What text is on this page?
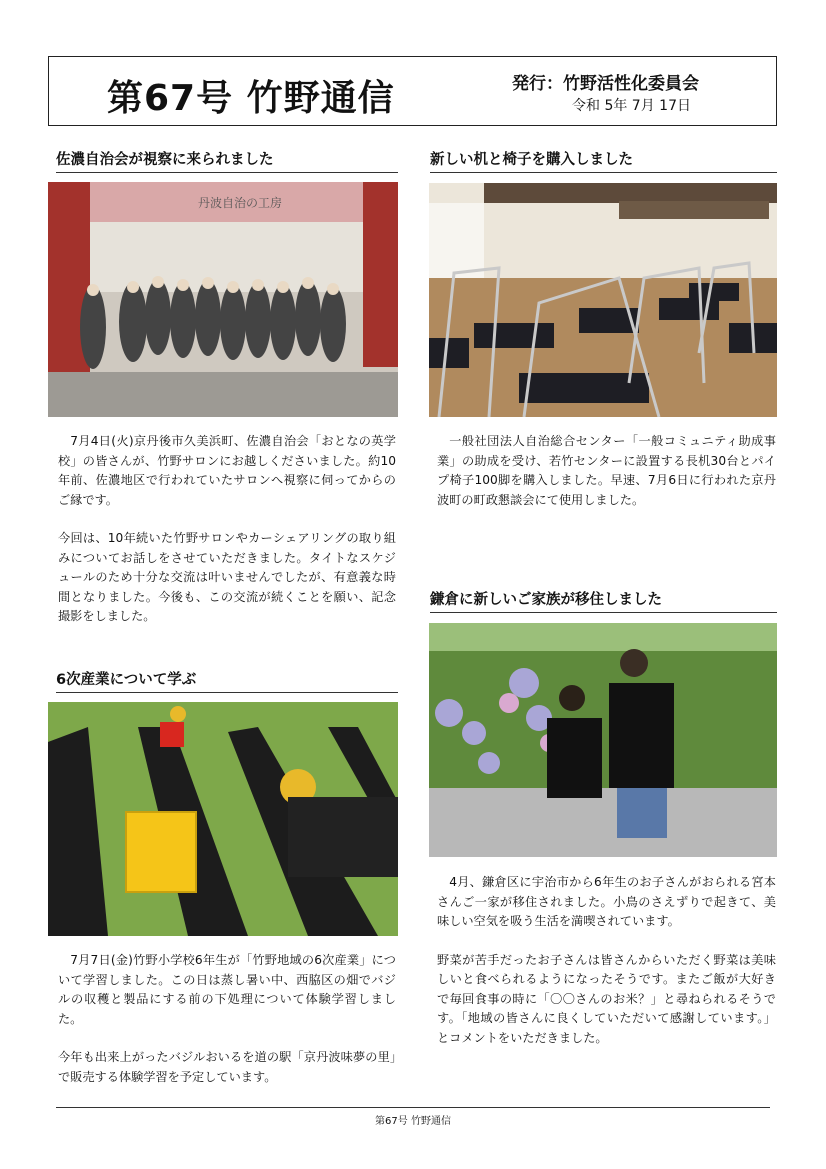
第67号 竹野通信	発行：竹野活性化委員会
令和 5年 7月 17日
佐濃自治会が視察に来られました
丹波自治の工房

7月4日(火)京丹後市久美浜町、佐濃自治会「おとなの英学校」の皆さんが、竹野サロンにお越しくださいました。約10年前、佐濃地区で行われていたサロンへ視察に伺ってからのご縁です。

今回は、10年続いた竹野サロンやカーシェアリングの取り組みについてお話しをさせていただきました。タイトなスケジュールのため十分な交流は叶いませんでしたが、有意義な時間となりました。今後も、この交流が続くことを願い、記念撮影をしました。

新しい机と椅子を購入しました

一般社団法人自治総合センター「一般コミュニティ助成事業」の助成を受け、若竹センターに設置する長机30台とパイプ椅子100脚を購入しました。早速、7月6日に行われた京丹波町の町政懇談会にて使用しました。

6次産業について学ぶ

7月7日(金)竹野小学校6年生が「竹野地域の6次産業」について学習しました。この日は蒸し暑い中、西脇区の畑でバジルの収穫と製品にする前の下処理について体験学習しました。

今年も出来上がったバジルおいるを道の駅「京丹波味夢の里」で販売する体験学習を予定しています。

鎌倉に新しいご家族が移住しました

4月、鎌倉区に宇治市から6年生のお子さんがおられる宮本さんご一家が移住されました。小鳥のさえずりで起きて、美味しい空気を吸う生活を満喫されています。

野菜が苦手だったお子さんは皆さんからいただく野菜は美味しいと食べられるようになったそうです。またご飯が大好きで毎回食事の時に「〇〇さんのお米？」と尋ねられるそうです。「地域の皆さんに良くしていただいて感謝しています。」とコメントをいただきました。

第67号 竹野通信
